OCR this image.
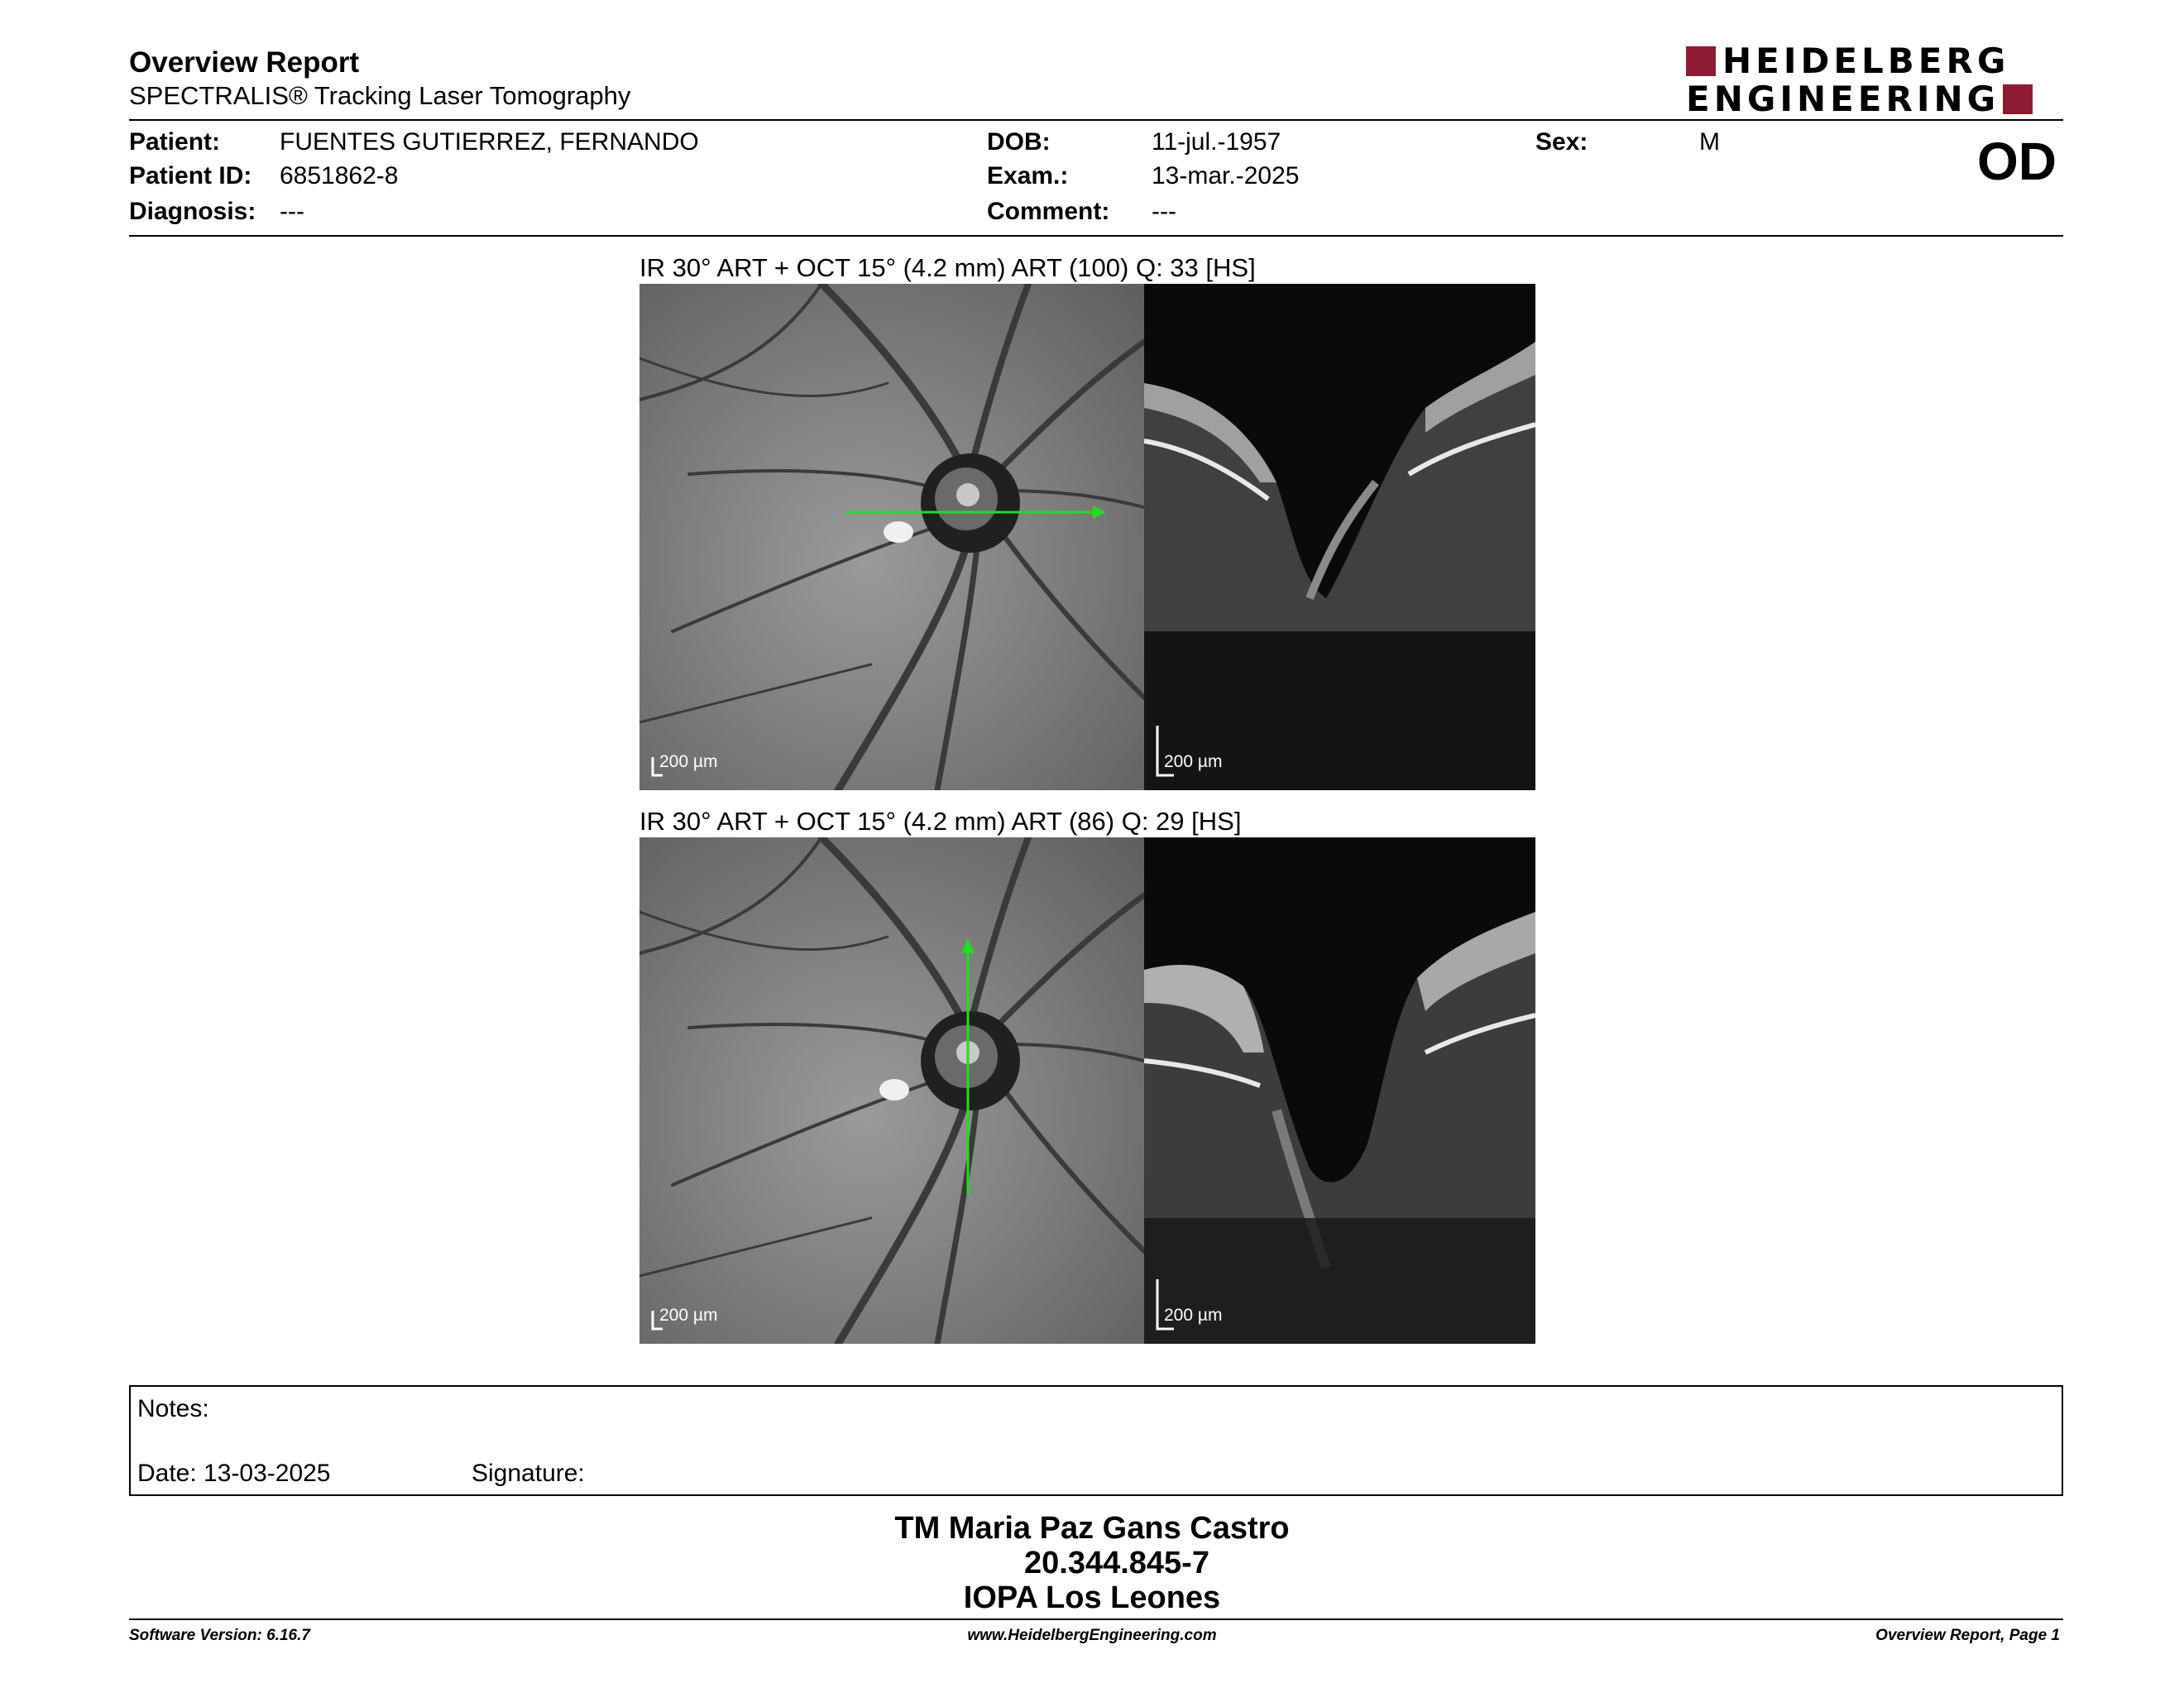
Overview Report
SPECTRALIS® Tracking Laser Tomography
HEIDELBERG
ENGINEERING
Patient: FUENTES GUTIERREZ, FERNANDO
Patient ID: 6851862-8
Diagnosis: ---
DOB:	11-jul.-1957
Exam.:	13-mar.-2025
Comment: ---
Sex:	M	OD
IR 30° ART + OCT 15° (4.2 mm) ART (100) Q: 33 [HS]
200 µm	200 µm
IR 30° ART + OCT 15° (4.2 mm) ART (86) Q: 29 [HS]
200 µm	200 µm
Notes:
Date: 13-03-2025	Signature:
TM Maria Paz Gans Castro
20.344.845-7
IOPA Los Leones
Software Version: 6.16.7	www.HeidelbergEngineering.com	Overview Report, Page 1
